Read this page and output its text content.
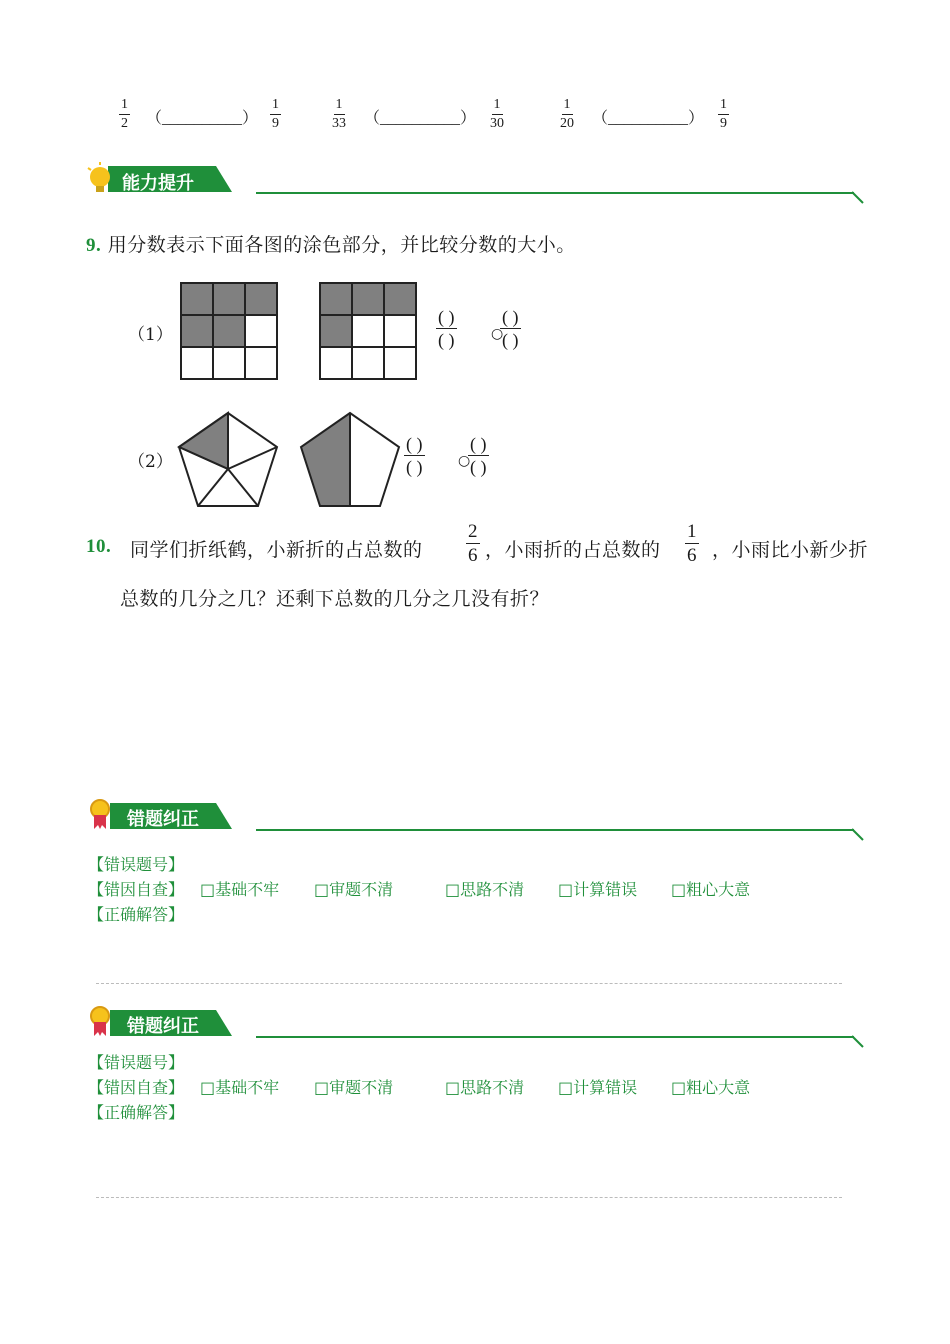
$\frac{1}{2}$ （__________） $\frac{1}{9}$	$\frac{1}{33}$ （__________） $\frac{1}{30}$	$\frac{1}{20}$ （__________） $\frac{1}{9}$
能力提升
9. 用分数表示下面各图的涂色部分，并比较分数的大小。
（1）
( )
( )	○
( )
( )
（2）
( )
( )	○
( )
( )
10. 同学们折纸鹤，小新折的占总数的 $\frac{2}{6}$ ，小雨折的占总数的 $\frac{1}{6}$ ，小雨比小新少折
总数的几分之几？还剩下总数的几分之几没有折？
错题纠正
【错误题号】
【错因自查】 □基础不牢 □审题不清	□思路不清 □计算错误 □粗心大意
【正确解答】
错题纠正
【错误题号】
【错因自查】 □基础不牢 □审题不清	□思路不清 □计算错误 □粗心大意
【正确解答】
